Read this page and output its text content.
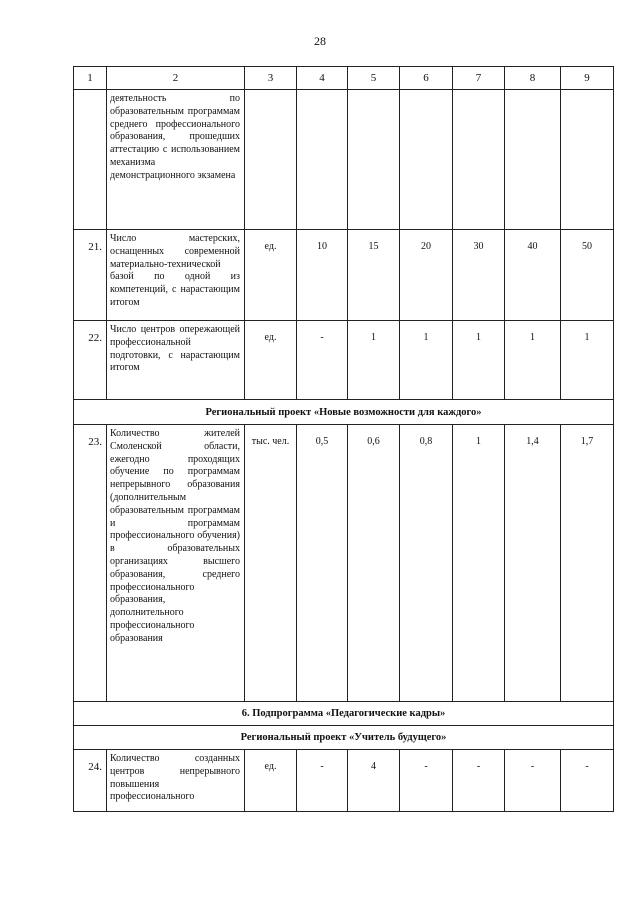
28
1	2	3	4	5	6	7	8	9
	деятельность по образовательным программам среднего профессионального образования, прошедших аттестацию с использованием механизма демонстрационного экзамена							
21.	Число мастерских, оснащенных современной материально-технической базой по одной из компетенций, с нарастающим итогом	ед.	10	15	20	30	40	50
22.	Число центров опережающей профессиональной подготовки, с нарастающим итогом	ед.	-	1	1	1	1	1
Региональный проект «Новые возможности для каждого»								
23.	Количество жителей Смоленской области, ежегодно проходящих обучение по программам непрерывного образования (дополнительным образовательным программам и программам профессионального обучения) в образовательных организациях высшего образования, среднего профессионального образования, дополнительного профессионального образования	тыс. чел.	0,5	0,6	0,8	1	1,4	1,7
6. Подпрограмма «Педагогические кадры»								
Региональный проект «Учитель будущего»								
24.	Количество созданных центров непрерывного повышения профессионального	ед.	-	4	-	-	-	-
